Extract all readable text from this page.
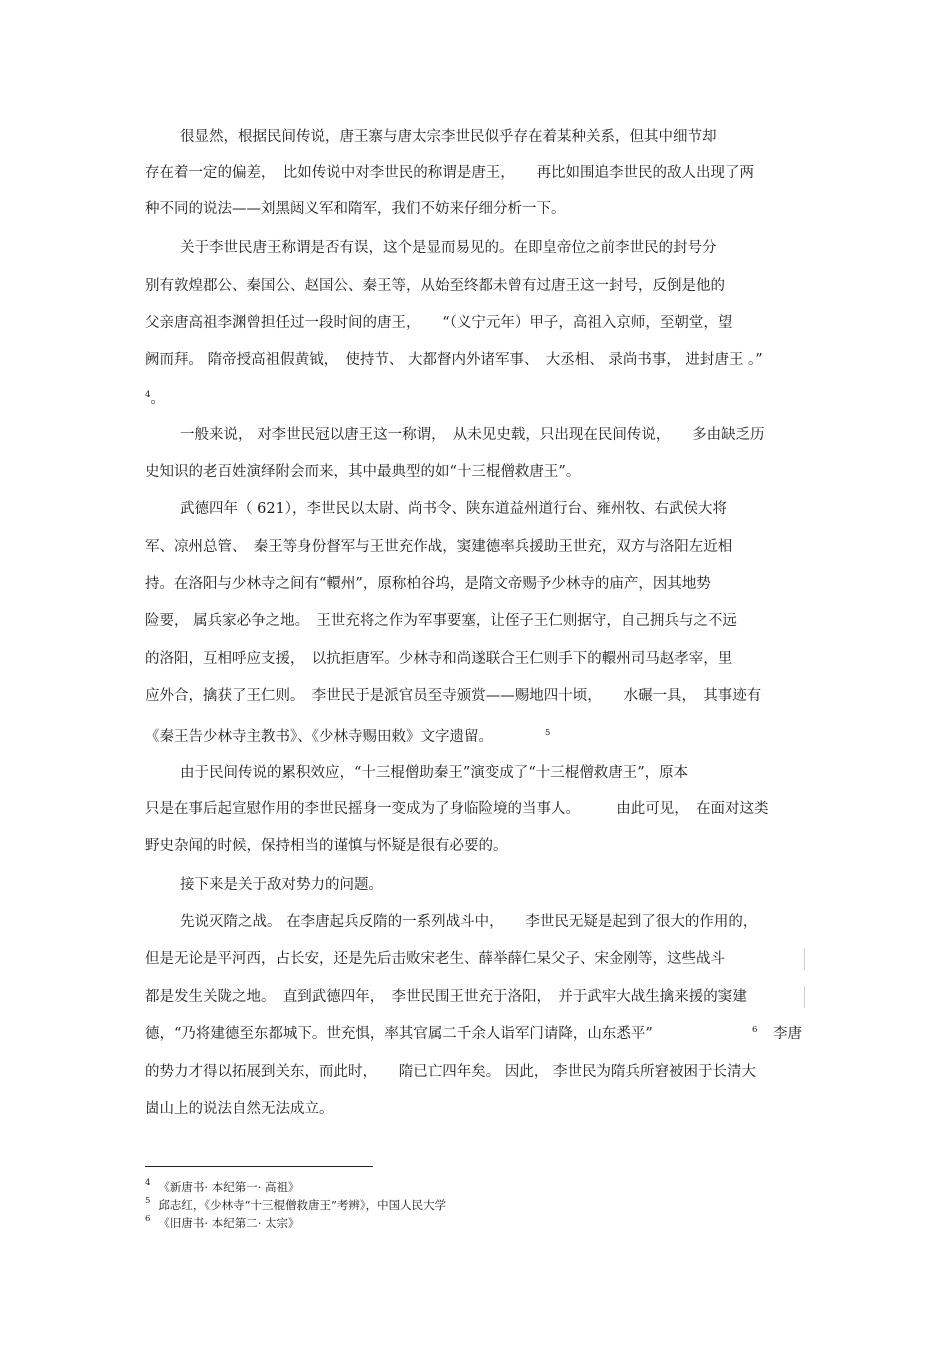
很显然，根据民间传说，唐王寨与唐太宗李世民似乎存在着某种关系，但其中细节却
存在着一定的偏差，　比如传说中对李世民的称谓是唐王，　　再比如围追李世民的敌人出现了两
种不同的说法——刘黑闼义军和隋军，我们不妨来仔细分析一下。
关于李世民唐王称谓是否有误，这个是显而易见的。在即皇帝位之前李世民的封号分
别有敦煌郡公、秦国公、赵国公、秦王等，从始至终都未曾有过唐王这一封号，反倒是他的
父亲唐高祖李渊曾担任过一段时间的唐王，　　“（义宁元年）甲子，高祖入京师，至朝堂，望
阙而拜。 隋帝授高祖假黄钺，　使持节、 大都督内外诸军事、　大丞相、 录尚书事， 进封唐王 。”
$^4$。
一般来说， 对李世民冠以唐王这一称谓，　从未见史载，只出现在民间传说，　　多由缺乏历
史知识的老百姓演绎附会而来，其中最典型的如“十三棍僧救唐王”。
武德四年（ 621），李世民以太尉、尚书令、陕东道益州道行台、雍州牧、右武侯大将
军、凉州总管、　秦王等身份督军与王世充作战，窦建德率兵援助王世充，双方与洛阳左近相
持。在洛阳与少林寺之间有“轘州”，原称柏谷坞，是隋文帝赐予少林寺的庙产，因其地势
险要， 属兵家必争之地。　王世充将之作为军事要塞，让侄子王仁则据守，自己拥兵与之不远
的洛阳，互相呼应支援，　以抗拒唐军。少林寺和尚遂联合王仁则手下的轘州司马赵孝宰，里
应外合，擒获了王仁则。　李世民于是派官员至寺颁赏——赐地四十顷，　　水碾一具，　其事迹有
《秦王告少林寺主教书》、《少林寺赐田敕》文字遗留。	$^5$
由于民间传说的累积效应，“十三棍僧助秦王”演变成了“十三棍僧救唐王”，原本
只是在事后起宣慰作用的李世民摇身一变成为了身临险境的当事人。　　　由此可见，　在面对这类
野史杂闻的时候，保持相当的谨慎与怀疑是很有必要的。
接下来是关于敌对势力的问题。
先说灭隋之战。 在李唐起兵反隋的一系列战斗中，　　李世民无疑是起到了很大的作用的，
但是无论是平河西，占长安，还是先后击败宋老生、薛举薛仁杲父子、宋金刚等，这些战斗
都是发生关陇之地。　直到武德四年，　李世民围王世充于洛阳，　并于武牢大战生擒来援的窦建
德，“乃将建德至东都城下。世充惧，率其官属二千余人诣军门请降，山东悉平”	$^6$	李唐
的势力才得以拓展到关东，而此时，　　隋已亡四年矣。 因此， 李世民为隋兵所窘被困于长清大
崮山上的说法自然无法成立。
$^4$ 《新唐书· 本纪第一· 高祖》
$^5$ 邱志红，《少林寺“十三棍僧救唐王”考辨》，中国人民大学
$^6$ 《旧唐书· 本纪第二· 太宗》
